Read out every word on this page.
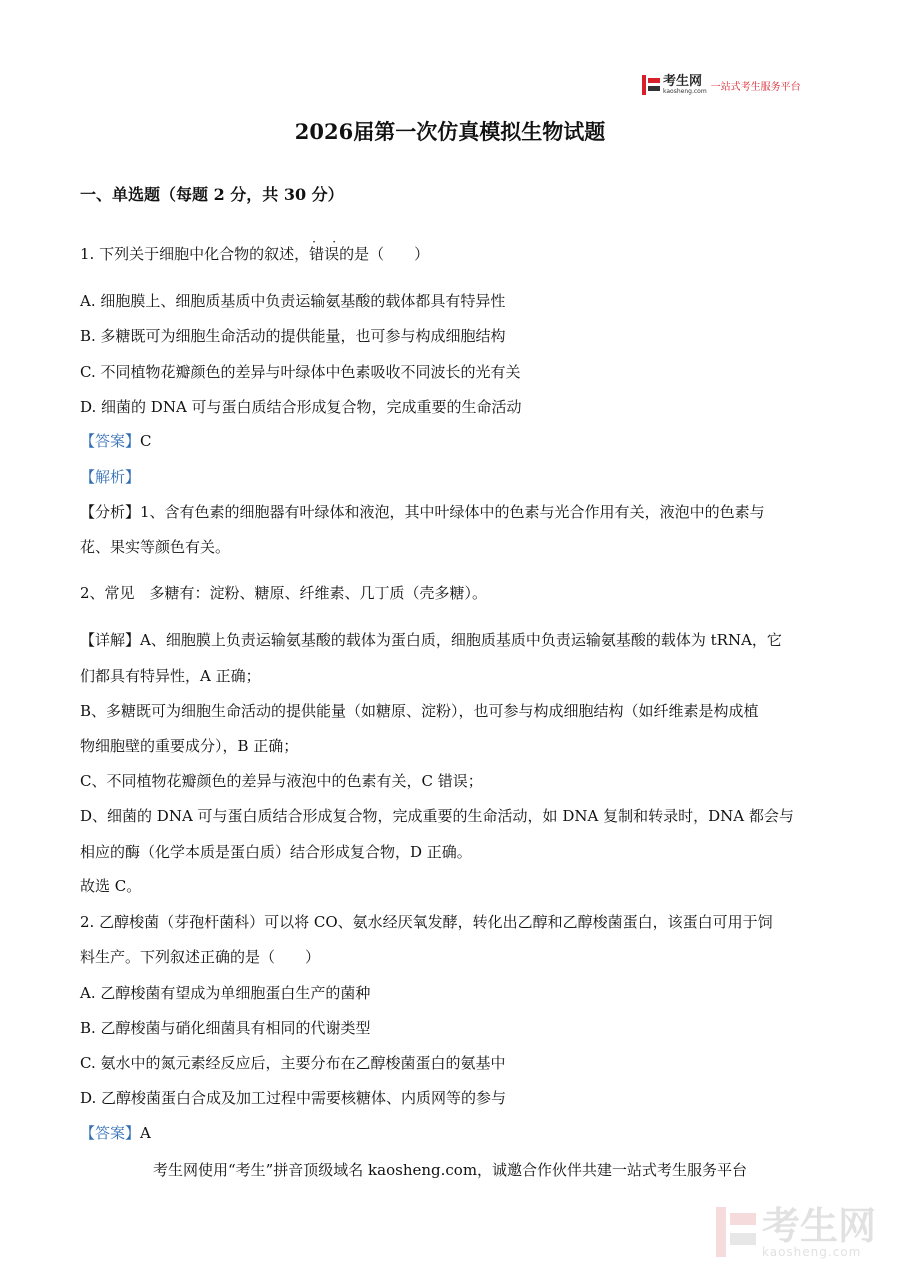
考生网
kaosheng.com 一站式考生服务平台
2026届第一次仿真模拟生物试题
一、单选题（每题 2 分，共 30 分）
1. 下列关于细胞中化合物的叙述，错误的是（　　）
A. 细胞膜上、细胞质基质中负责运输氨基酸的载体都具有特异性
B. 多糖既可为细胞生命活动的提供能量，也可参与构成细胞结构
C. 不同植物花瓣颜色的差异与叶绿体中色素吸收不同波长的光有关
D. 细菌的 DNA 可与蛋白质结合形成复合物，完成重要的生命活动
【答案】C
【解析】
【分析】1、含有色素的细胞器有叶绿体和液泡，其中叶绿体中的色素与光合作用有关，液泡中的色素与
花、果实等颜色有关。
2、常见　多糖有：淀粉、糖原、纤维素、几丁质（壳多糖）。
【详解】A、细胞膜上负责运输氨基酸的载体为蛋白质，细胞质基质中负责运输氨基酸的载体为 tRNA，它
们都具有特异性，A 正确；
B、多糖既可为细胞生命活动的提供能量（如糖原、淀粉），也可参与构成细胞结构（如纤维素是构成植
物细胞壁的重要成分），B 正确；
C、不同植物花瓣颜色的差异与液泡中的色素有关，C 错误；
D、细菌的 DNA 可与蛋白质结合形成复合物，完成重要的生命活动，如 DNA 复制和转录时，DNA 都会与
相应的酶（化学本质是蛋白质）结合形成复合物，D 正确。
故选 C。
2. 乙醇梭菌（芽孢杆菌科）可以将 CO、氨水经厌氧发酵，转化出乙醇和乙醇梭菌蛋白，该蛋白可用于饲
料生产。下列叙述正确的是（　　）
A. 乙醇梭菌有望成为单细胞蛋白生产的菌种
B. 乙醇梭菌与硝化细菌具有相同的代谢类型
C. 氨水中的氮元素经反应后，主要分布在乙醇梭菌蛋白的氨基中
D. 乙醇梭菌蛋白合成及加工过程中需要核糖体、内质网等的参与
【答案】A
考生网使用“考生”拼音顶级域名 kaosheng.com，诚邀合作伙伴共建一站式考生服务平台
考生网
kaosheng.com
